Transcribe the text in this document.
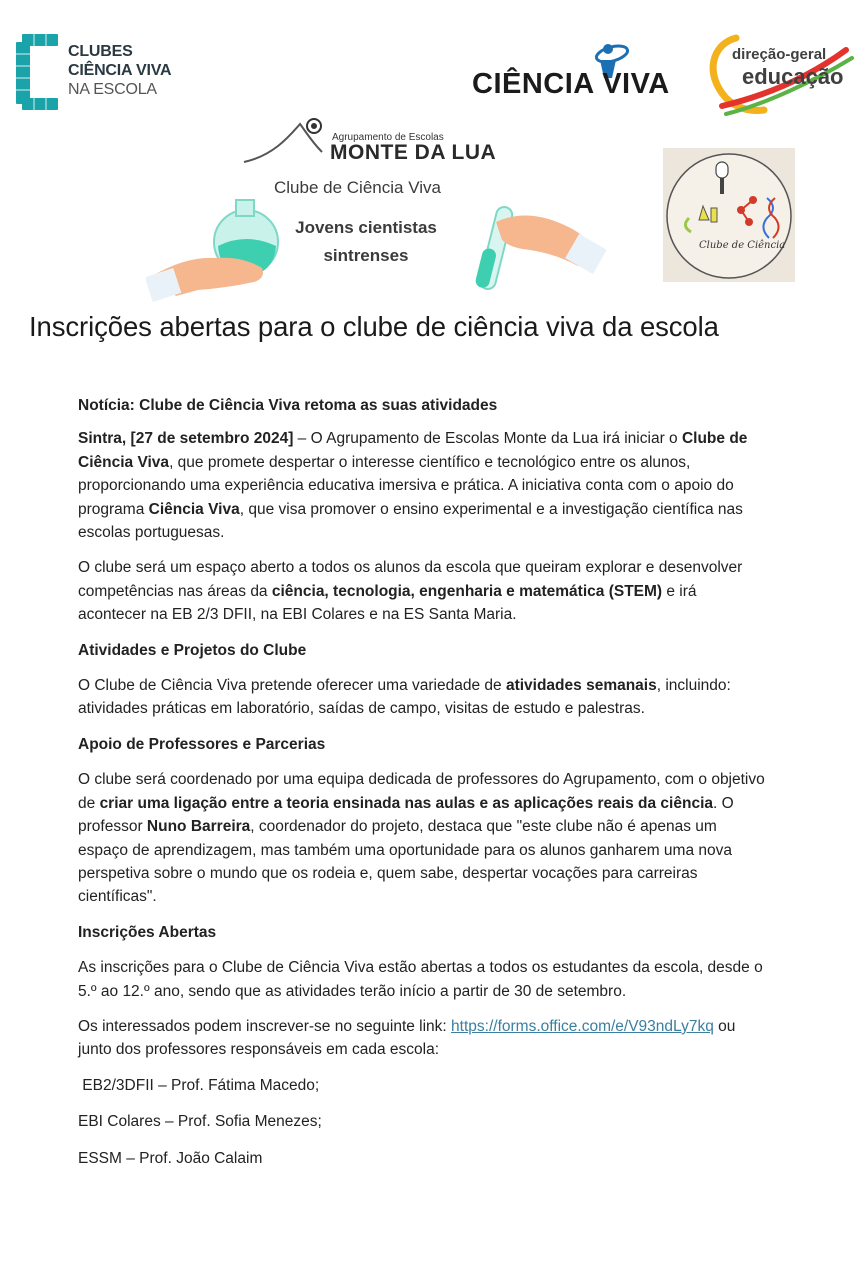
CLUBES
CIÊNCIA VIVA
NA ESCOLA	CIÊNCIA VIVA
direção-geral
educação
Agrupamento de Escolas
MONTE DA LUA
Clube de Ciência Viva
Jovens cientistas
sintrenses
Clube de Ciência
Inscrições abertas para o clube de ciência viva da escola
Notícia: Clube de Ciência Viva retoma as suas atividades

Sintra, [27 de setembro 2024] – O Agrupamento de Escolas Monte da Lua irá iniciar o Clube de Ciência Viva, que promete despertar o interesse científico e tecnológico entre os alunos, proporcionando uma experiência educativa imersiva e prática. A iniciativa conta com o apoio do programa Ciência Viva, que visa promover o ensino experimental e a investigação científica nas escolas portuguesas.

O clube será um espaço aberto a todos os alunos da escola que queiram explorar e desenvolver competências nas áreas da ciência, tecnologia, engenharia e matemática (STEM) e irá acontecer na EB 2/3 DFII, na EBI Colares e na ES Santa Maria.

Atividades e Projetos do Clube

O Clube de Ciência Viva pretende oferecer uma variedade de atividades semanais, incluindo: atividades práticas em laboratório, saídas de campo, visitas de estudo e palestras.

Apoio de Professores e Parcerias

O clube será coordenado por uma equipa dedicada de professores do Agrupamento, com o objetivo de criar uma ligação entre a teoria ensinada nas aulas e as aplicações reais da ciência. O professor Nuno Barreira, coordenador do projeto, destaca que "este clube não é apenas um espaço de aprendizagem, mas também uma oportunidade para os alunos ganharem uma nova perspetiva sobre o mundo que os rodeia e, quem sabe, despertar vocações para carreiras científicas".

Inscrições Abertas

As inscrições para o Clube de Ciência Viva estão abertas a todos os estudantes da escola, desde o 5.º ao 12.º ano, sendo que as atividades terão início a partir de 30 de setembro.

Os interessados podem inscrever-se no seguinte link: https://forms.office.com/e/V93ndLy7kq ou junto dos professores responsáveis em cada escola:

EB2/3DFII – Prof. Fátima Macedo;

EBI Colares – Prof. Sofia Menezes;

ESSM – Prof. João Calaim
